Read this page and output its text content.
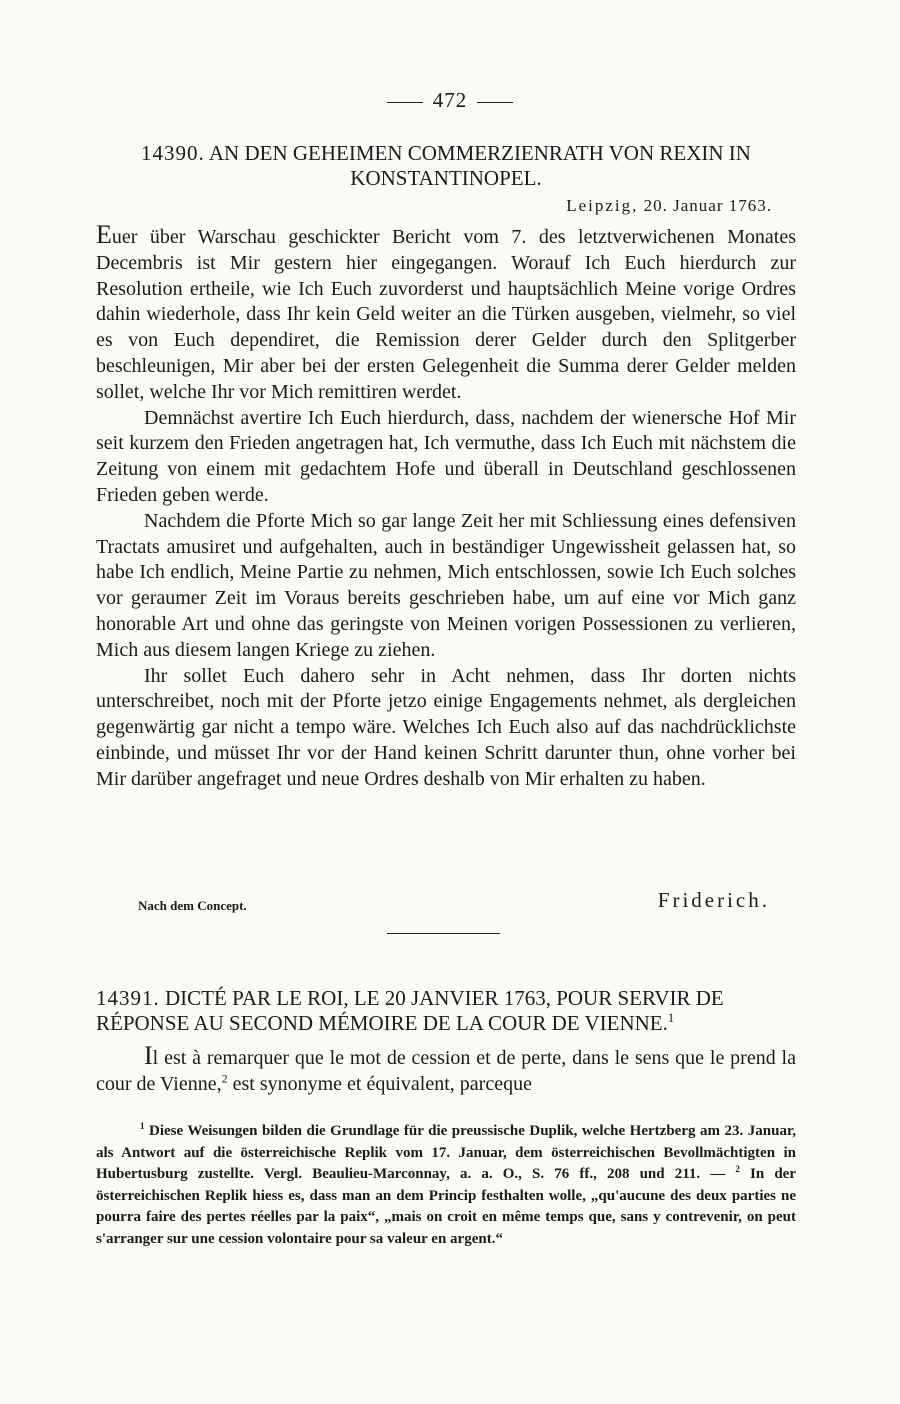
472
14390. AN DEN GEHEIMEN COMMERZIENRATH VON REXIN IN KONSTANTINOPEL.
Leipzig, 20. Januar 1763.

Euer über Warschau geschickter Bericht vom 7. des letztverwichenen Monates Decembris ist Mir gestern hier eingegangen. Worauf Ich Euch hierdurch zur Resolution ertheile, wie Ich Euch zuvorderst und hauptsächlich Meine vorige Ordres dahin wiederhole, dass Ihr kein Geld weiter an die Türken ausgeben, vielmehr, so viel es von Euch dependiret, die Remission derer Gelder durch den Splitgerber beschleunigen, Mir aber bei der ersten Gelegenheit die Summa derer Gelder melden sollet, welche Ihr vor Mich remittiren werdet.

Demnächst avertire Ich Euch hierdurch, dass, nachdem der wienersche Hof Mir seit kurzem den Frieden angetragen hat, Ich vermuthe, dass Ich Euch mit nächstem die Zeitung von einem mit gedachtem Hofe und überall in Deutschland geschlossenen Frieden geben werde.

Nachdem die Pforte Mich so gar lange Zeit her mit Schliessung eines defensiven Tractats amusiret und aufgehalten, auch in beständiger Ungewissheit gelassen hat, so habe Ich endlich, Meine Partie zu nehmen, Mich entschlossen, sowie Ich Euch solches vor geraumer Zeit im Voraus bereits geschrieben habe, um auf eine vor Mich ganz honorable Art und ohne das geringste von Meinen vorigen Possessionen zu verlieren, Mich aus diesem langen Kriege zu ziehen.

Ihr sollet Euch dahero sehr in Acht nehmen, dass Ihr dorten nichts unterschreibet, noch mit der Pforte jetzo einige Engagements nehmet, als dergleichen gegenwärtig gar nicht a tempo wäre. Welches Ich Euch also auf das nachdrücklichste einbinde, und müsset Ihr vor der Hand keinen Schritt darunter thun, ohne vorher bei Mir darüber angefraget und neue Ordres deshalb von Mir erhalten zu haben.

Nach dem Concept.	Friderich.
14391. DICTÉ PAR LE ROI, LE 20 JANVIER 1763, POUR SERVIR DE RÉPONSE AU SECOND MÉMOIRE DE LA COUR DE VIENNE.$^1$

Il est à remarquer que le mot de cession et de perte, dans le sens que le prend la cour de Vienne,$^2$ est synonyme et équivalent, parceque

$^1$ Diese Weisungen bilden die Grundlage für die preussische Duplik, welche Hertzberg am 23. Januar, als Antwort auf die österreichische Replik vom 17. Januar, dem österreichischen Bevollmächtigten in Hubertusburg zustellte. Vergl. Beaulieu-Marconnay, a. a. O., S. 76 ff., 208 und 211. — $^2$ In der österreichischen Replik hiess es, dass man an dem Princip festhalten wolle, „qu'aucune des deux parties ne pourra faire des pertes réelles par la paix“, „mais on croit en même temps que, sans y contrevenir, on peut s'arranger sur une cession volontaire pour sa valeur en argent.“
